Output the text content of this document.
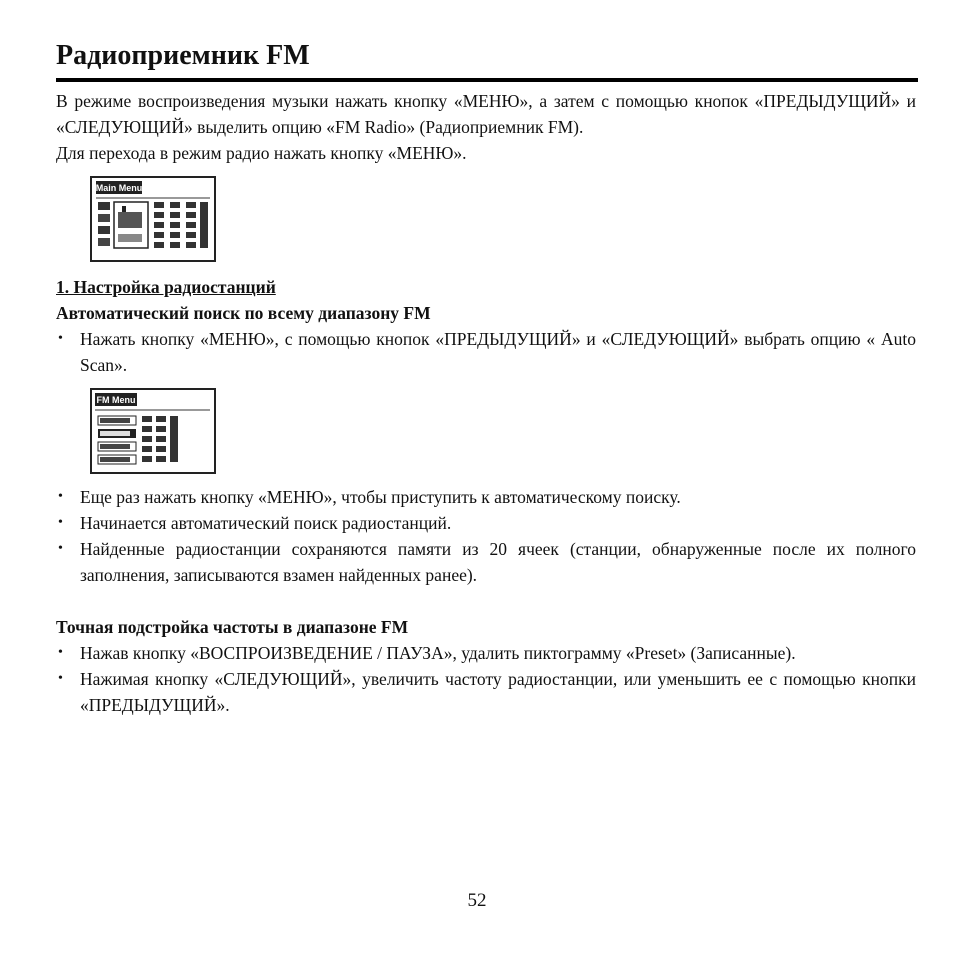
Радиоприемник FM

В режиме воспроизведения музыки нажать кнопку «МЕНЮ», а затем с помощью кнопок «ПРЕДЫДУЩИЙ» и «СЛЕДУЮЩИЙ» выделить опцию «FM Radio» (Радиоприемник FM).

Для перехода в режим радио нажать кнопку «МЕНЮ».

Main Menu

1. Настройка радиостанций

Автоматический поиск по всему диапазону FM

• Нажать кнопку «МЕНЮ», с помощью кнопок «ПРЕДЫДУЩИЙ» и «СЛЕДУЮЩИЙ» выбрать опцию « Auto Scan».
FM Menu
• Еще раз нажать кнопку «МЕНЮ», чтобы приступить к автоматическому поиску.
• Начинается автоматический поиск радиостанций.
• Найденные радиостанции сохраняются памяти из 20 ячеек (станции, обнаруженные после их полного заполнения, записываются взамен найденных ранее).

Точная подстройка частоты в диапазоне FM

• Нажав кнопку «ВОСПРОИЗВЕДЕНИЕ / ПАУЗА», удалить пиктограмму «Preset» (Записанные).
• Нажимая кнопку «СЛЕДУЮЩИЙ», увеличить частоту радиостанции, или уменьшить ее с помощью кнопки «ПРЕДЫДУЩИЙ».
52
